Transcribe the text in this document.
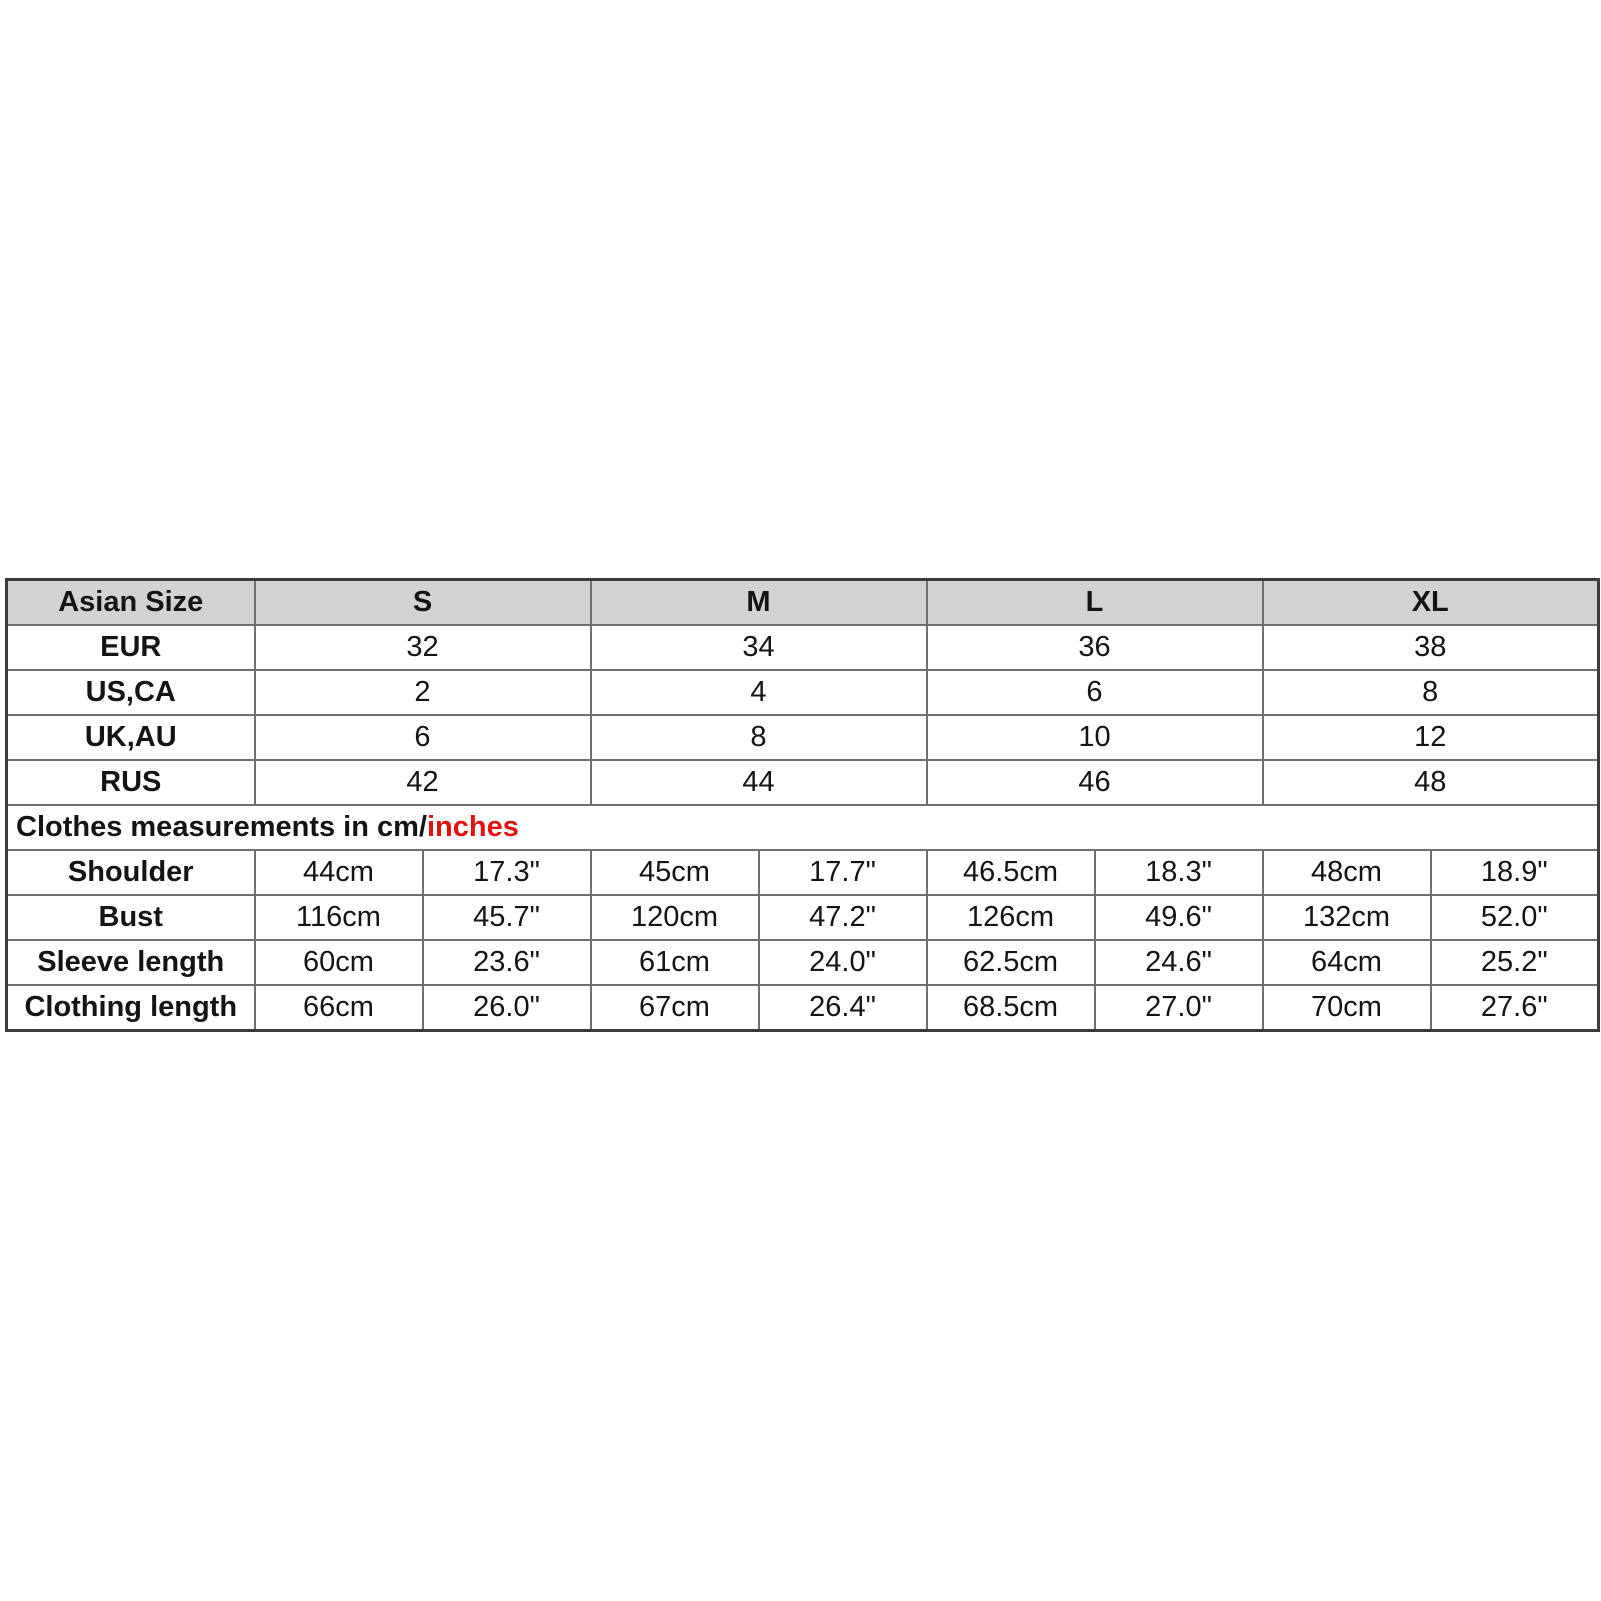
Asian Size	S		M		L		XL	
EUR	32		34		36		38	
US,CA	2		4		6		8	
UK,AU	6		8		10		12	
RUS	42		44		46		48	
Clothes measurements in cm/inches								
Shoulder	44cm	17.3"	45cm	17.7"	46.5cm	18.3"	48cm	18.9"
Bust	116cm	45.7"	120cm	47.2"	126cm	49.6"	132cm	52.0"
Sleeve length	60cm	23.6"	61cm	24.0"	62.5cm	24.6"	64cm	25.2"
Clothing length	66cm	26.0"	67cm	26.4"	68.5cm	27.0"	70cm	27.6"
